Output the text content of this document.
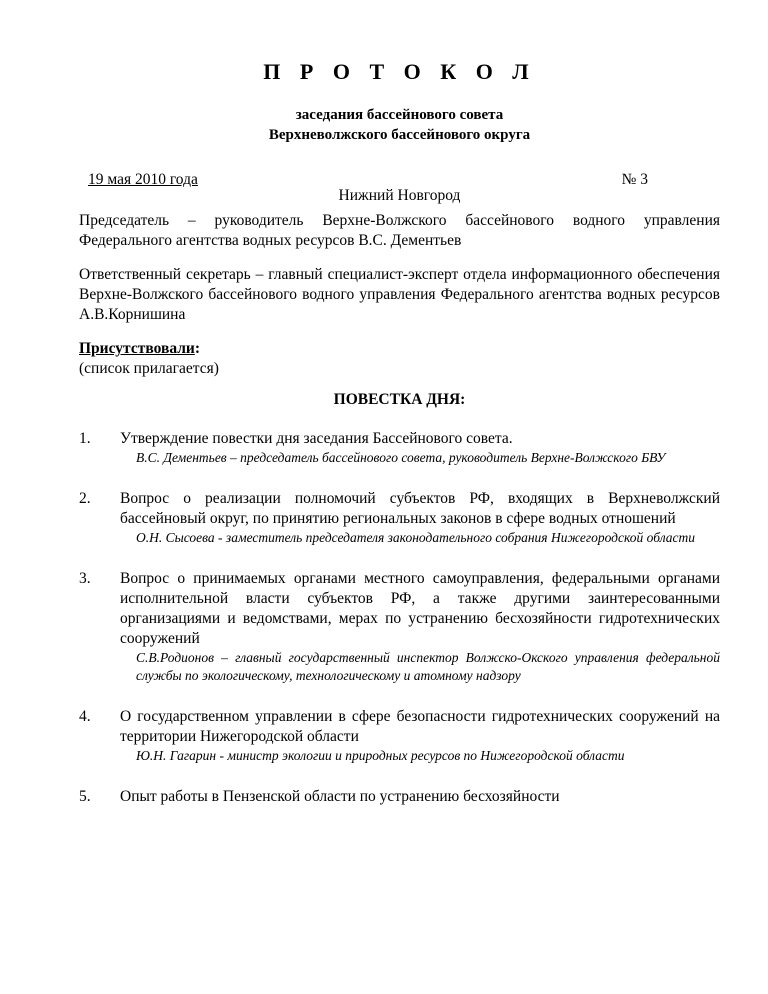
П Р О Т О К О Л
заседания бассейнового совета
Верхневолжского бассейнового округа
19 мая 2010 года	№ 3
Нижний Новгород

Председатель – руководитель Верхне-Волжского бассейнового водного управления Федерального агентства водных ресурсов В.С. Дементьев

Ответственный секретарь – главный специалист-эксперт отдела информационного обеспечения Верхне-Волжского бассейнового водного управления Федерального агентства водных ресурсов А.В.Корнишина

Присутствовали:
(список прилагается)
ПОВЕСТКА ДНЯ:
1.	Утверждение повестки дня заседания Бассейнового совета.
В.С. Дементьев – председатель бассейнового совета, руководитель Верхне-Волжского БВУ
2.	Вопрос о реализации полномочий субъектов РФ, входящих в Верхневолжский бассейновый округ, по принятию региональных законов в сфере водных отношений
О.Н. Сысоева - заместитель председателя законодательного собрания Нижегородской области
3.	Вопрос о принимаемых органами местного самоуправления, федеральными органами исполнительной власти субъектов РФ, а также другими заинтересованными организациями и ведомствами, мерах по устранению бесхозяйности гидротехнических сооружений
С.В.Родионов – главный государственный инспектор Волжско-Окского управления федеральной службы по экологическому, технологическому и атомному надзору
4.	О государственном управлении в сфере безопасности гидротехнических сооружений на территории Нижегородской области
Ю.Н. Гагарин - министр экологии и природных ресурсов по Нижегородской области
5.	Опыт работы в Пензенской области по устранению бесхозяйности
